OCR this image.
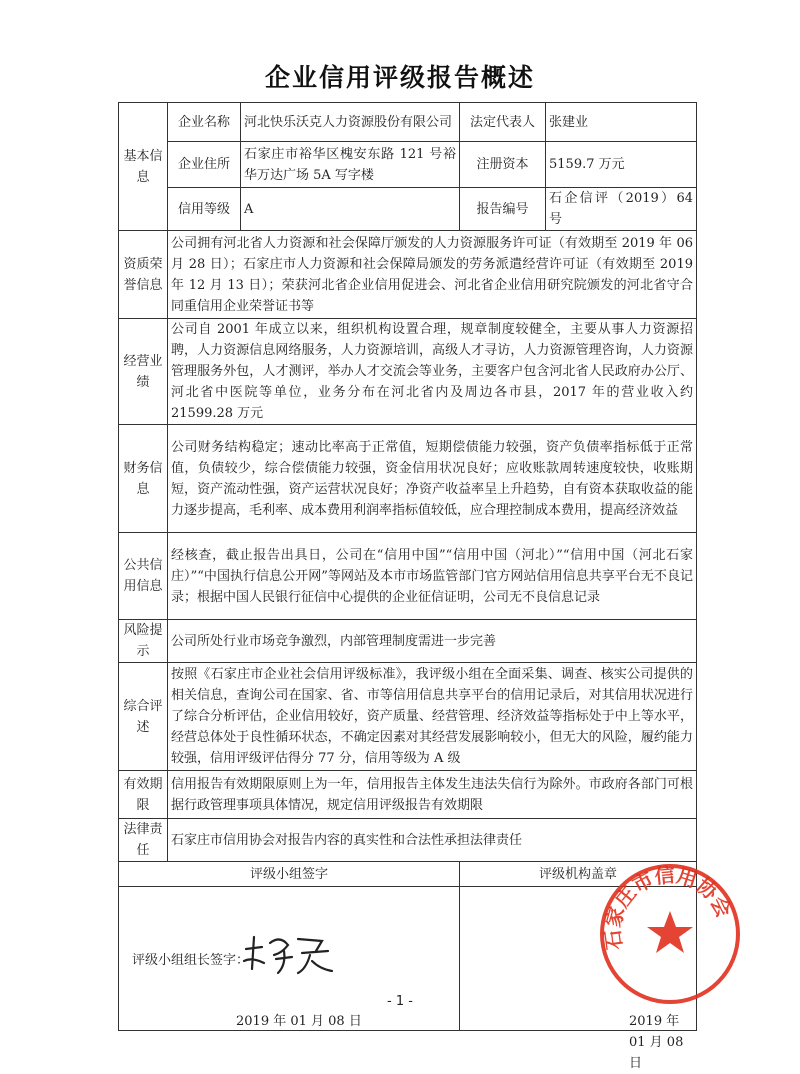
企业信用评级报告概述
基本信息	企业名称	河北快乐沃克人力资源股份有限公司	法定代表人	张建业
	企业住所	石家庄市裕华区槐安东路 121 号裕华万达广场 5A 写字楼	注册资本	5159.7 万元
	信用等级	A	报告编号	石企信评（2019）64 号
资质荣誉信息	公司拥有河北省人力资源和社会保障厅颁发的人力资源服务许可证（有效期至 2019 年 06 月 28 日）；石家庄市人力资源和社会保障局颁发的劳务派遣经营许可证（有效期至 2019 年 12 月 13 日）；荣获河北省企业信用促进会、河北省企业信用研究院颁发的河北省守合同重信用企业荣誉证书等			
经营业绩	公司自 2001 年成立以来，组织机构设置合理，规章制度较健全，主要从事人力资源招聘，人力资源信息网络服务，人力资源培训，高级人才寻访，人力资源管理咨询，人力资源管理服务外包，人才测评，举办人才交流会等业务，主要客户包含河北省人民政府办公厅、河北省中医院等单位，业务分布在河北省内及周边各市县，2017 年的营业收入约 21599.28 万元			
财务信息	公司财务结构稳定；速动比率高于正常值，短期偿债能力较强，资产负债率指标低于正常值，负债较少，综合偿债能力较强，资金信用状况良好；应收账款周转速度较快，收账期短，资产流动性强，资产运营状况良好；净资产收益率呈上升趋势，自有资本获取收益的能力逐步提高，毛利率、成本费用利润率指标值较低，应合理控制成本费用，提高经济效益			
公共信用信息	经核查，截止报告出具日，公司在“信用中国”“信用中国（河北）”“信用中国（河北石家庄）”“中国执行信息公开网”等网站及本市市场监管部门官方网站信用信息共享平台无不良记录；根据中国人民银行征信中心提供的企业征信证明，公司无不良信息记录			
风险提示	公司所处行业市场竞争激烈，内部管理制度需进一步完善			
综合评述	按照《石家庄市企业社会信用评级标准》，我评级小组在全面采集、调查、核实公司提供的相关信息，查询公司在国家、省、市等信用信息共享平台的信用记录后，对其信用状况进行了综合分析评估，企业信用较好，资产质量、经营管理、经济效益等指标处于中上等水平，经营总体处于良性循环状态，不确定因素对其经营发展影响较小，但无大的风险，履约能力较强，信用评级评估得分 77 分，信用等级为 A 级			
有效期限	信用报告有效期限原则上为一年，信用报告主体发生违法失信行为除外。市政府各部门可根据行政管理事项具体情况，规定信用评级报告有效期限			
法律责任	石家庄市信用协会对报告内容的真实性和合法性承担法律责任			
评级小组签字			评级机构盖章	

评级小组组长签字：
2019 年 01 月 08 日			2019 年 01 月 08 日
石家庄市信用协会	
- 1 -
